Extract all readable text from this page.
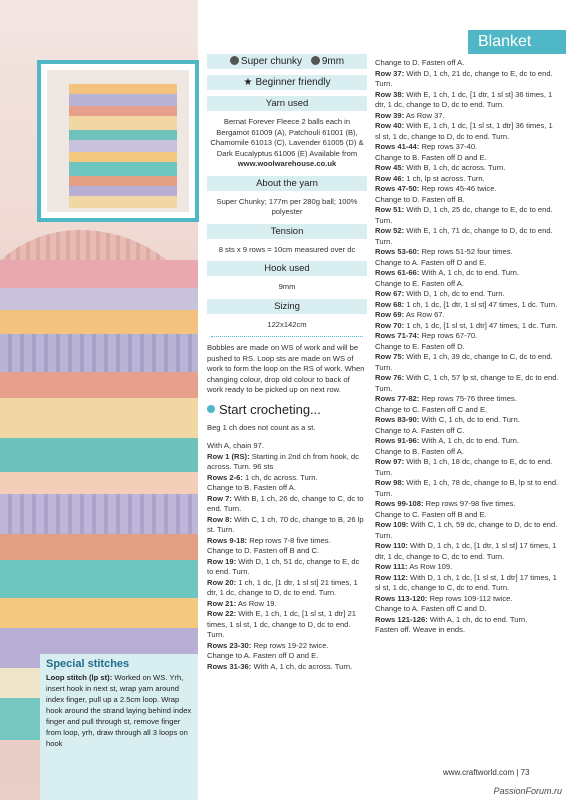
Special stitches

Loop stitch (lp st): Worked on WS. Yrh, insert hook in next st, wrap yarn around index finger, pull up a 2.5cm loop. Wrap hook around the strand laying behind index finger and pull through st, remove finger from loop, yrh, draw through all 3 loops on hook

Blanket
Super chunky 9mm
★ Beginner friendly
Yarn used
Bernat Forever Fleece 2 balls each in Bergamot 61009 (A), Patchouli 61001 (B), Chamomile 61013 (C), Lavender 61005 (D) & Dark Eucalyptus 61006 (E) Available from
www.woolwarehouse.co.uk
About the yarn
Super Chunky; 177m per 280g ball; 100% polyester
Tension
8 sts x 9 rows = 10cm measured over dc
Hook used
9mm
Sizing
122x142cm
Bobbles are made on WS of work and will be pushed to RS. Loop sts are made on WS of work to form the loop on the RS of work. When changing colour, drop old colour to back of work ready to be picked up on next row.
Start crocheting...
Beg 1 ch does not count as a st.
With A, chain 97.
Row 1 (RS): Starting in 2nd ch from hook, dc across. Turn. 96 sts
Rows 2-6: 1 ch, dc across. Turn.
Change to B. Fasten off A.
Row 7: With B, 1 ch, 26 dc, change to C, dc to end. Turn.
Row 8: With C, 1 ch, 70 dc, change to B, 26 lp st. Turn.
Rows 9-18: Rep rows 7-8 five times.
Change to D. Fasten off B and C.
Row 19: With D, 1 ch, 51 dc, change to E, dc to end. Turn.
Row 20: 1 ch, 1 dc, [1 dtr, 1 sl st] 21 times, 1 dtr, 1 dc, change to D, dc to end. Turn.
Row 21: As Row 19.
Row 22: With E, 1 ch, 1 dc, [1 sl st, 1 dtr] 21 times, 1 sl st, 1 dc, change to D, dc to end. Turn.
Rows 23-30: Rep rows 19-22 twice.
Change to A. Fasten off D and E.
Rows 31-36: With A, 1 ch, dc across. Turn.
Change to D. Fasten off A.
Row 37: With D, 1 ch, 21 dc, change to E, dc to end. Turn.
Row 38: With E, 1 ch, 1 dc, [1 dtr, 1 sl st] 36 times, 1 dtr, 1 dc, change to D, dc to end. Turn.
Row 39: As Row 37.
Row 40: With E, 1 ch, 1 dc, [1 sl st, 1 dtr] 36 times, 1 sl st, 1 dc, change to D, dc to end. Turn.
Rows 41-44: Rep rows 37-40.
Change to B. Fasten off D and E.
Row 45: With B, 1 ch, dc across. Turn.
Row 46: 1 ch, lp st across. Turn.
Rows 47-50: Rep rows 45-46 twice.
Change to D. Fasten off B.
Row 51: With D, 1 ch, 25 dc, change to E, dc to end. Turn.
Row 52: With E, 1 ch, 71 dc, change to D, dc to end. Turn.
Rows 53-60: Rep rows 51-52 four times.
Change to A. Fasten off D and E.
Rows 61-66: With A, 1 ch, dc to end. Turn.
Change to E. Fasten off A.
Row 67: With D, 1 ch, dc to end. Turn.
Row 68: 1 ch, 1 dc, [1 dtr, 1 sl st] 47 times, 1 dc. Turn.
Row 69: As Row 67.
Row 70: 1 ch, 1 dc, [1 sl st, 1 dtr] 47 times, 1 dc. Turn.
Rows 71-74: Rep rows 67-70.
Change to E. Fasten off D.
Row 75: With E, 1 ch, 39 dc, change to C, dc to end. Turn.
Row 76: With C, 1 ch, 57 lp st, change to E, dc to end. Turn.
Rows 77-82: Rep rows 75-76 three times.
Change to C. Fasten off C and E.
Rows 83-90: With C, 1 ch, dc to end. Turn.
Change to A. Fasten off C.
Rows 91-96: With A, 1 ch, dc to end. Turn.
Change to B. Fasten off A.
Row 97: With B, 1 ch, 18 dc, change to E, dc to end. Turn.
Row 98: With E, 1 ch, 78 dc, change to B, lp st to end. Turn.
Rows 99-108: Rep rows 97-98 five times.
Change to C. Fasten off B and E.
Row 109: With C, 1 ch, 59 dc, change to D, dc to end. Turn.
Row 110: With D, 1 ch, 1 dc, [1 dtr, 1 sl st] 17 times, 1 dtr, 1 dc, change to C, dc to end. Turn.
Row 111: As Row 109.
Row 112: With D, 1 ch, 1 dc, [1 sl st, 1 dtr] 17 times, 1 sl st, 1 dc, change to C, dc to end. Turn.
Rows 113-120: Rep rows 109-112 twice.
Change to A. Fasten off C and D.
Rows 121-126: With A, 1 ch, dc to end. Turn.
Fasten off. Weave in ends.
www.craftworld.com | 73
PassionForum.ru
